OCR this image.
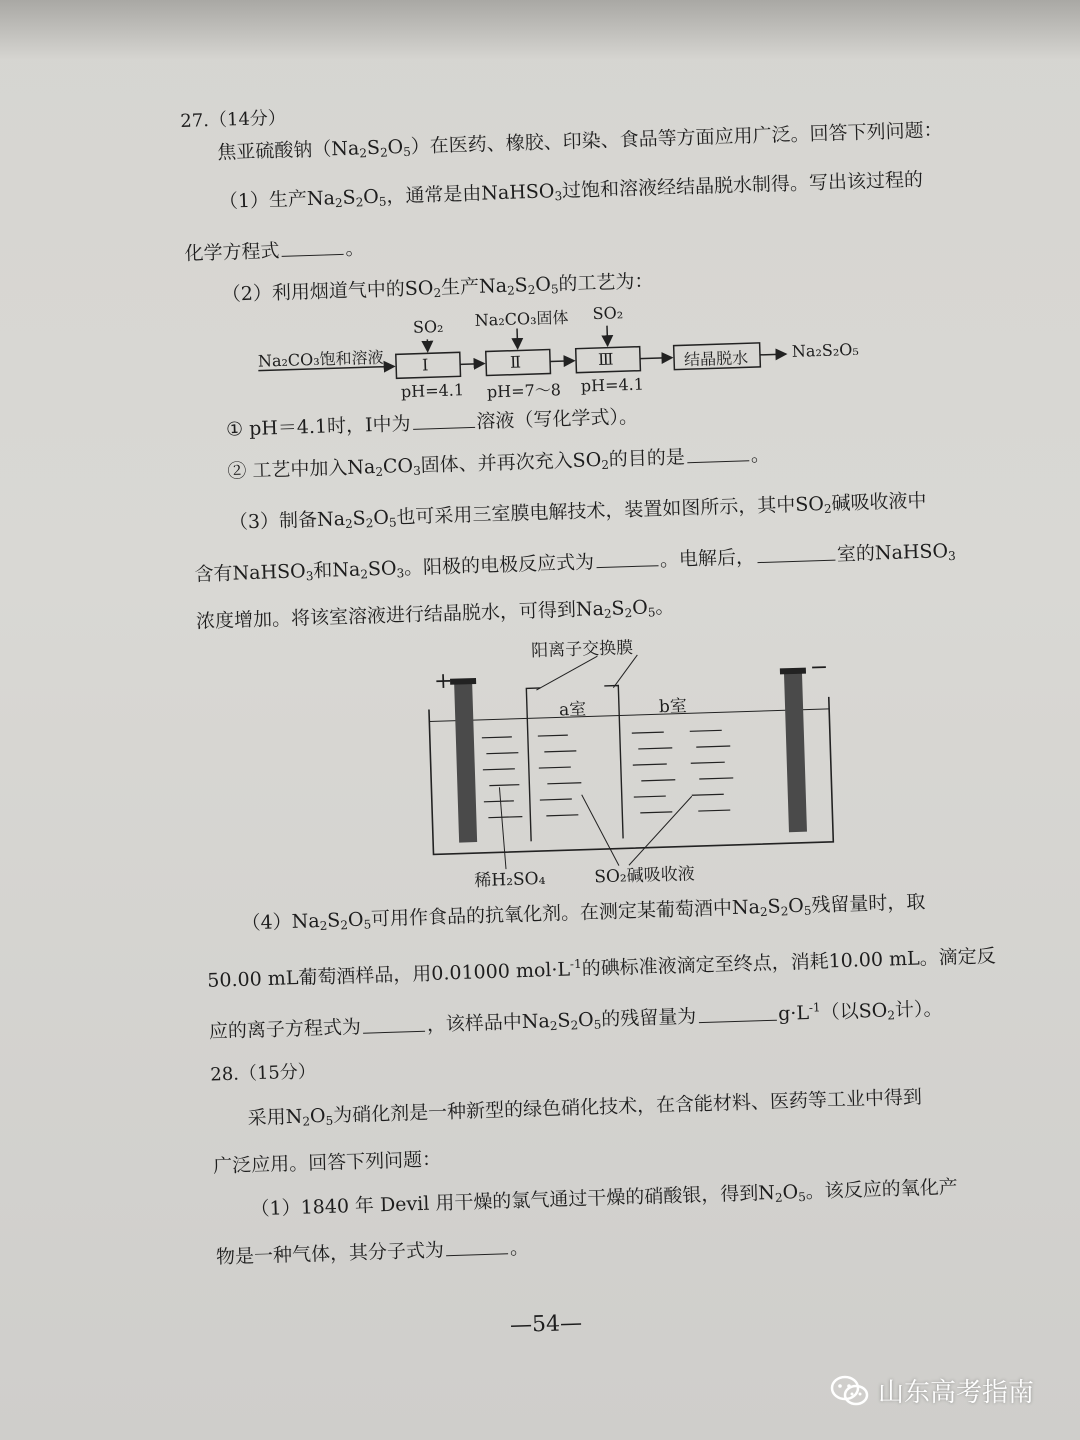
27.（14分）

焦亚硫酸钠$(Na_2S_2O_5)$在医药、橡胶、印染、食品等方面应用广泛。回答下列问题：

（1）生产$Na_2S_2O_5$，通常是由NaHSO$_3$过饱和溶液经结晶脱水制得。写出该过程的

化学方程式	。

（2）利用烟道气中的$SO_2$生产$Na_2S_2O_5$的工艺为：

Na₂CO₃饱和溶液 Ⅰ	Ⅱ	Ⅲ	结晶脱水	Na₂S₂O₅
SO₂ Na₂CO₃固体 SO₂
pH=4.1 pH=7～8 pH=4.1

① pH＝4.1时，Ⅰ中为	溶液（写化学式）。

② 工艺中加入$Na_2CO_3$固体、并再次充入$SO_2$的目的是	。

（3）制备$Na_2S_2O_5$也可采用三室膜电解技术，装置如图所示，其中$SO_2$碱吸收液中

含有NaHSO$_3$和$Na_2SO_3$。阳极的电极反应式为	。电解后，	室的NaHSO$_3$

浓度增加。将该室溶液进行结晶脱水，可得到$Na_2S_2O_5$。

阳离子交换膜
+
−
a室	b室
稀H₂SO₄	SO₂碱吸收液

$(4)Na_2S_2O_5$可用作食品的抗氧化剂。在测定某葡萄酒中$Na_2S_2O_5$残留量时，取

50.00 mL葡萄酒样品，用0.01000 $mol\cdot L^{-1}$的碘标准液滴定至终点，消耗10.00 mL。滴定反

应的离子方程式为	，该样品中$Na_2S_2O_5$的残留量为	$g\cdot L^{-1}$（以$SO_2$计）。

28.（15分）

采用$N_2O_5$为硝化剂是一种新型的绿色硝化技术，在含能材料、医药等工业中得到

广泛应用。回答下列问题：

（1）1840 年 Devil 用干燥的氯气通过干燥的硝酸银，得到$N_2O_5$。该反应的氧化产

物是一种气体，其分子式为	。

—54—
山东高考指南
